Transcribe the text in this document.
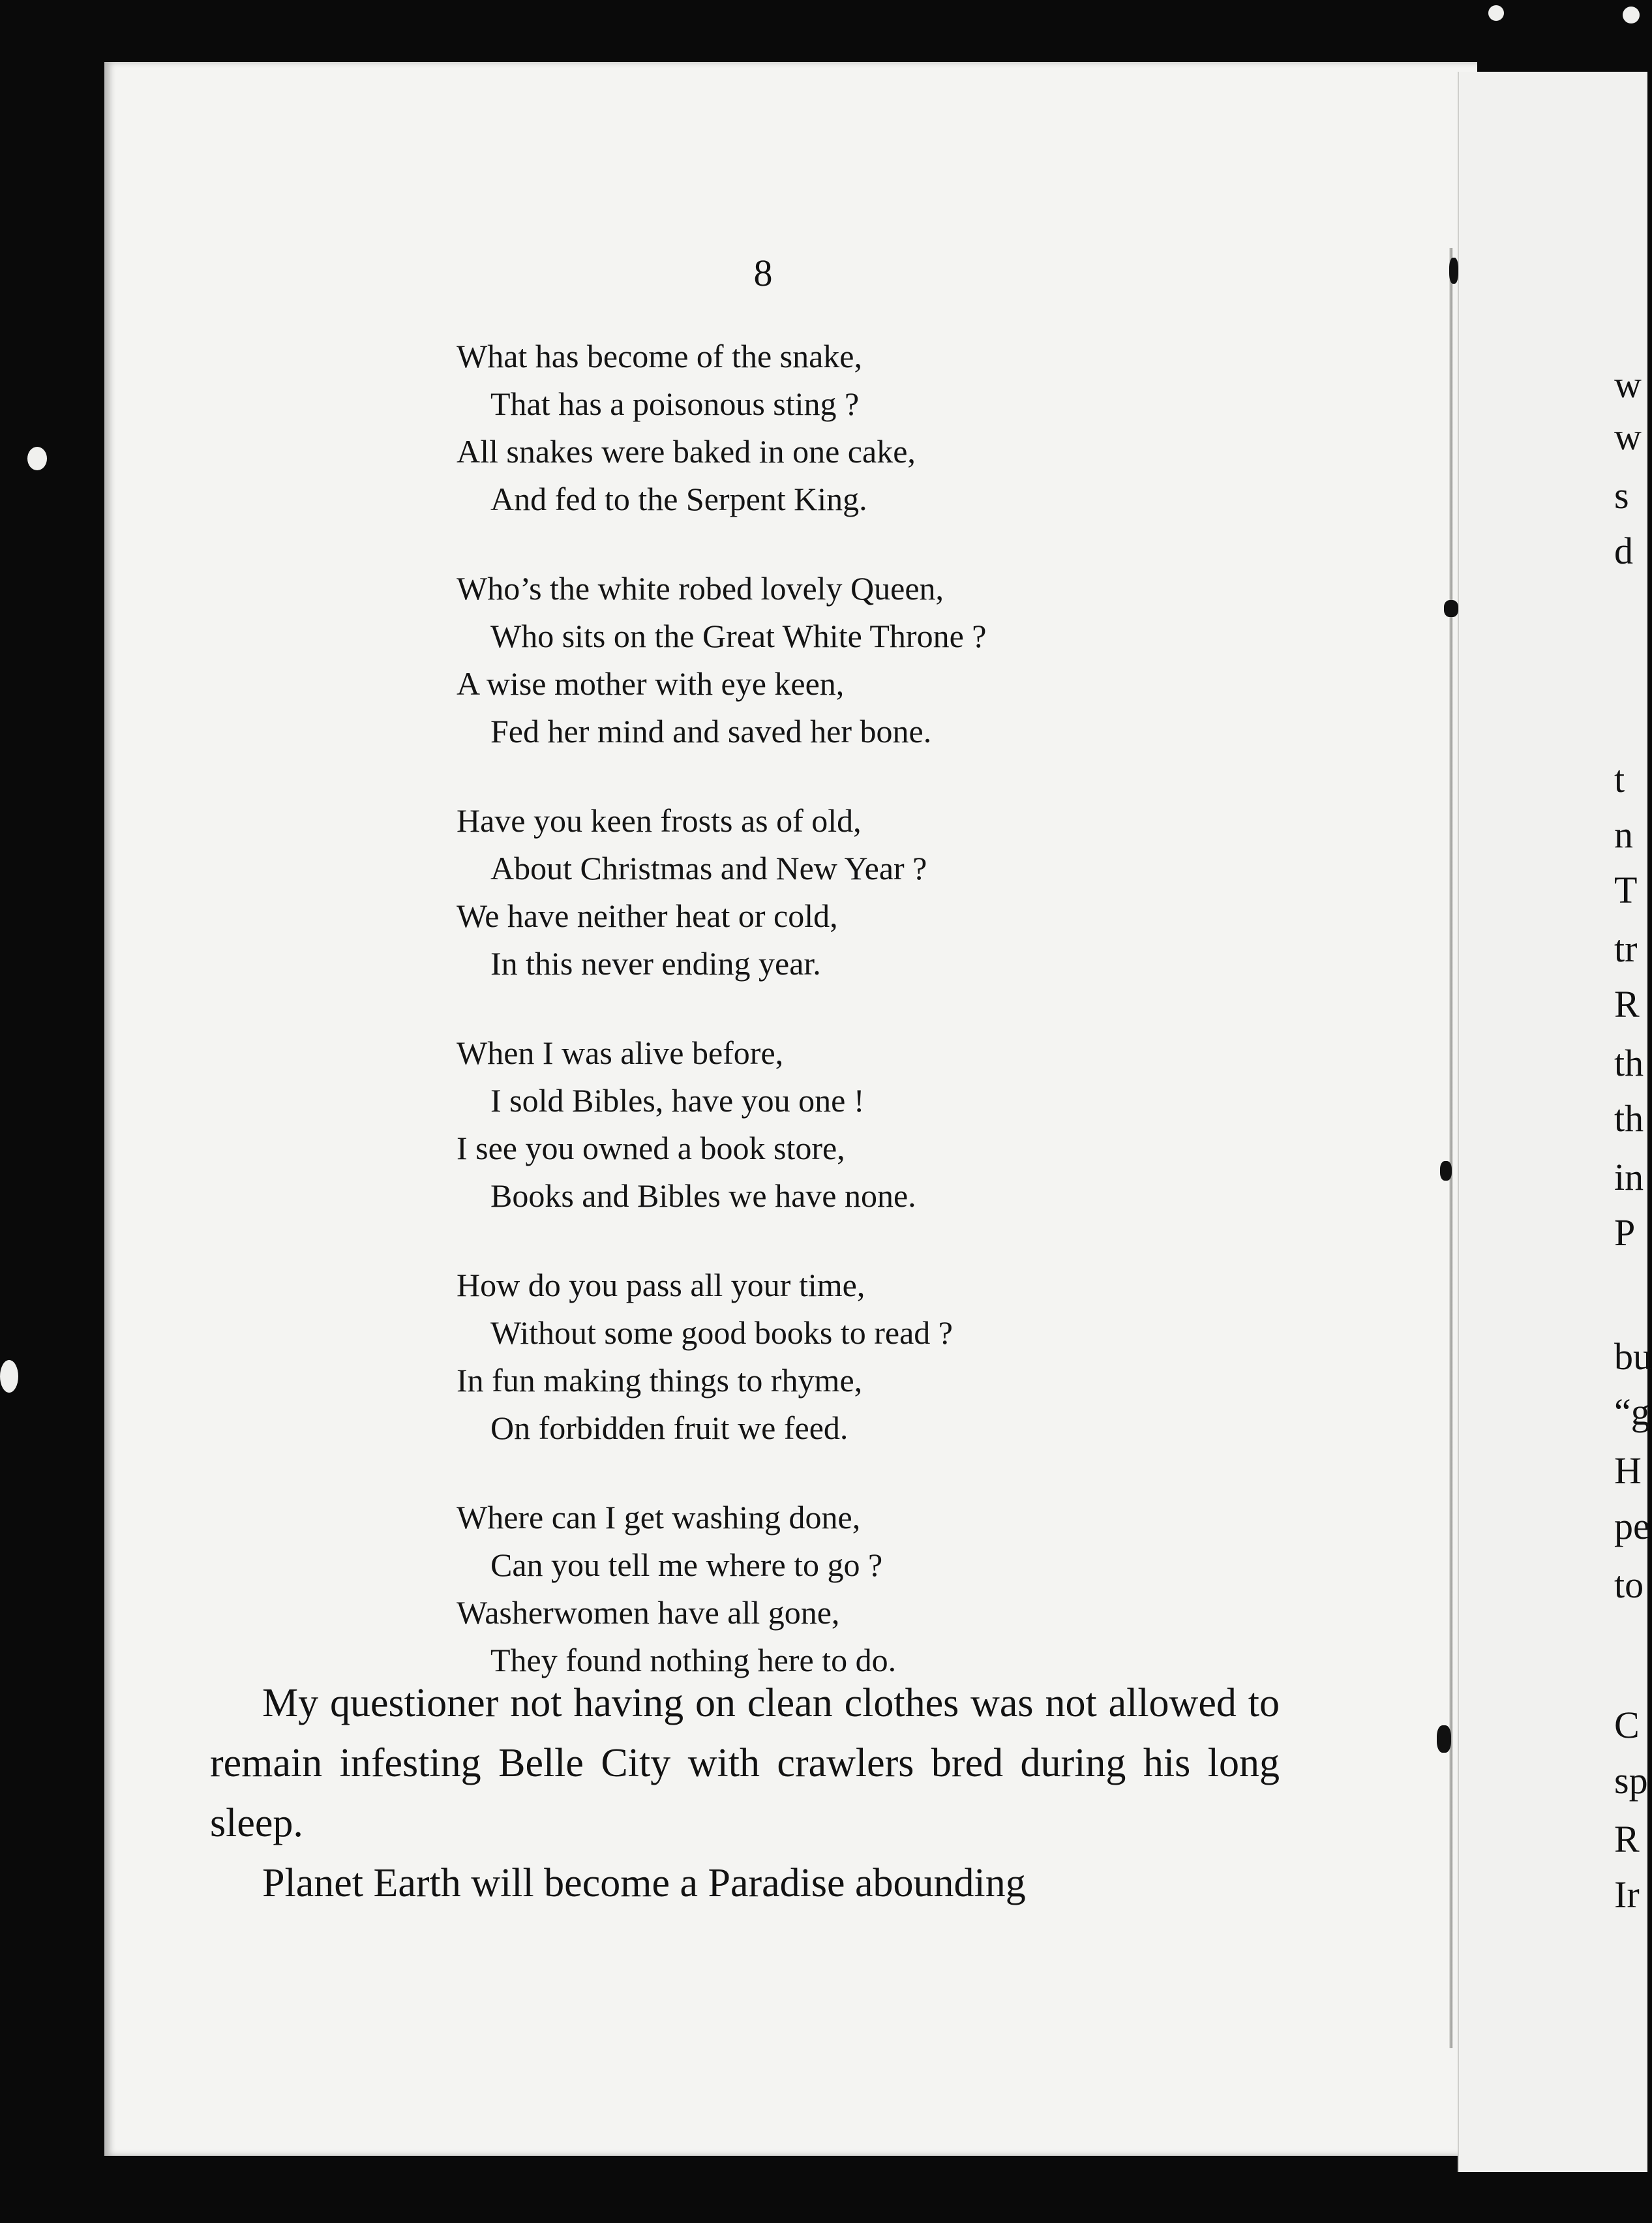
8
What has become of the snake,
That has a poisonous sting ?
All snakes were baked in one cake,
And fed to the Serpent King.
Who’s the white robed lovely Queen,
Who sits on the Great White Throne ?
A wise mother with eye keen,
Fed her mind and saved her bone.
Have you keen frosts as of old,
About Christmas and New Year ?
We have neither heat or cold,
In this never ending year.
When I was alive before,
I sold Bibles, have you one !
I see you owned a book store,
Books and Bibles we have none.
How do you pass all your time,
Without some good books to read ?
In fun making things to rhyme,
On forbidden fruit we feed.
Where can I get washing done,
Can you tell me where to go ?
Washerwomen have all gone,
They found nothing here to do.

My questioner not having on clean clothes was not allowed to remain infesting Belle City with crawlers bred during his long sleep.

Planet Earth will become a Paradise abounding

w
w
s
d
t
n
T
tr
R
th
th
in
P
bu
“g
H
pe
to
C
sp
R
Ir
